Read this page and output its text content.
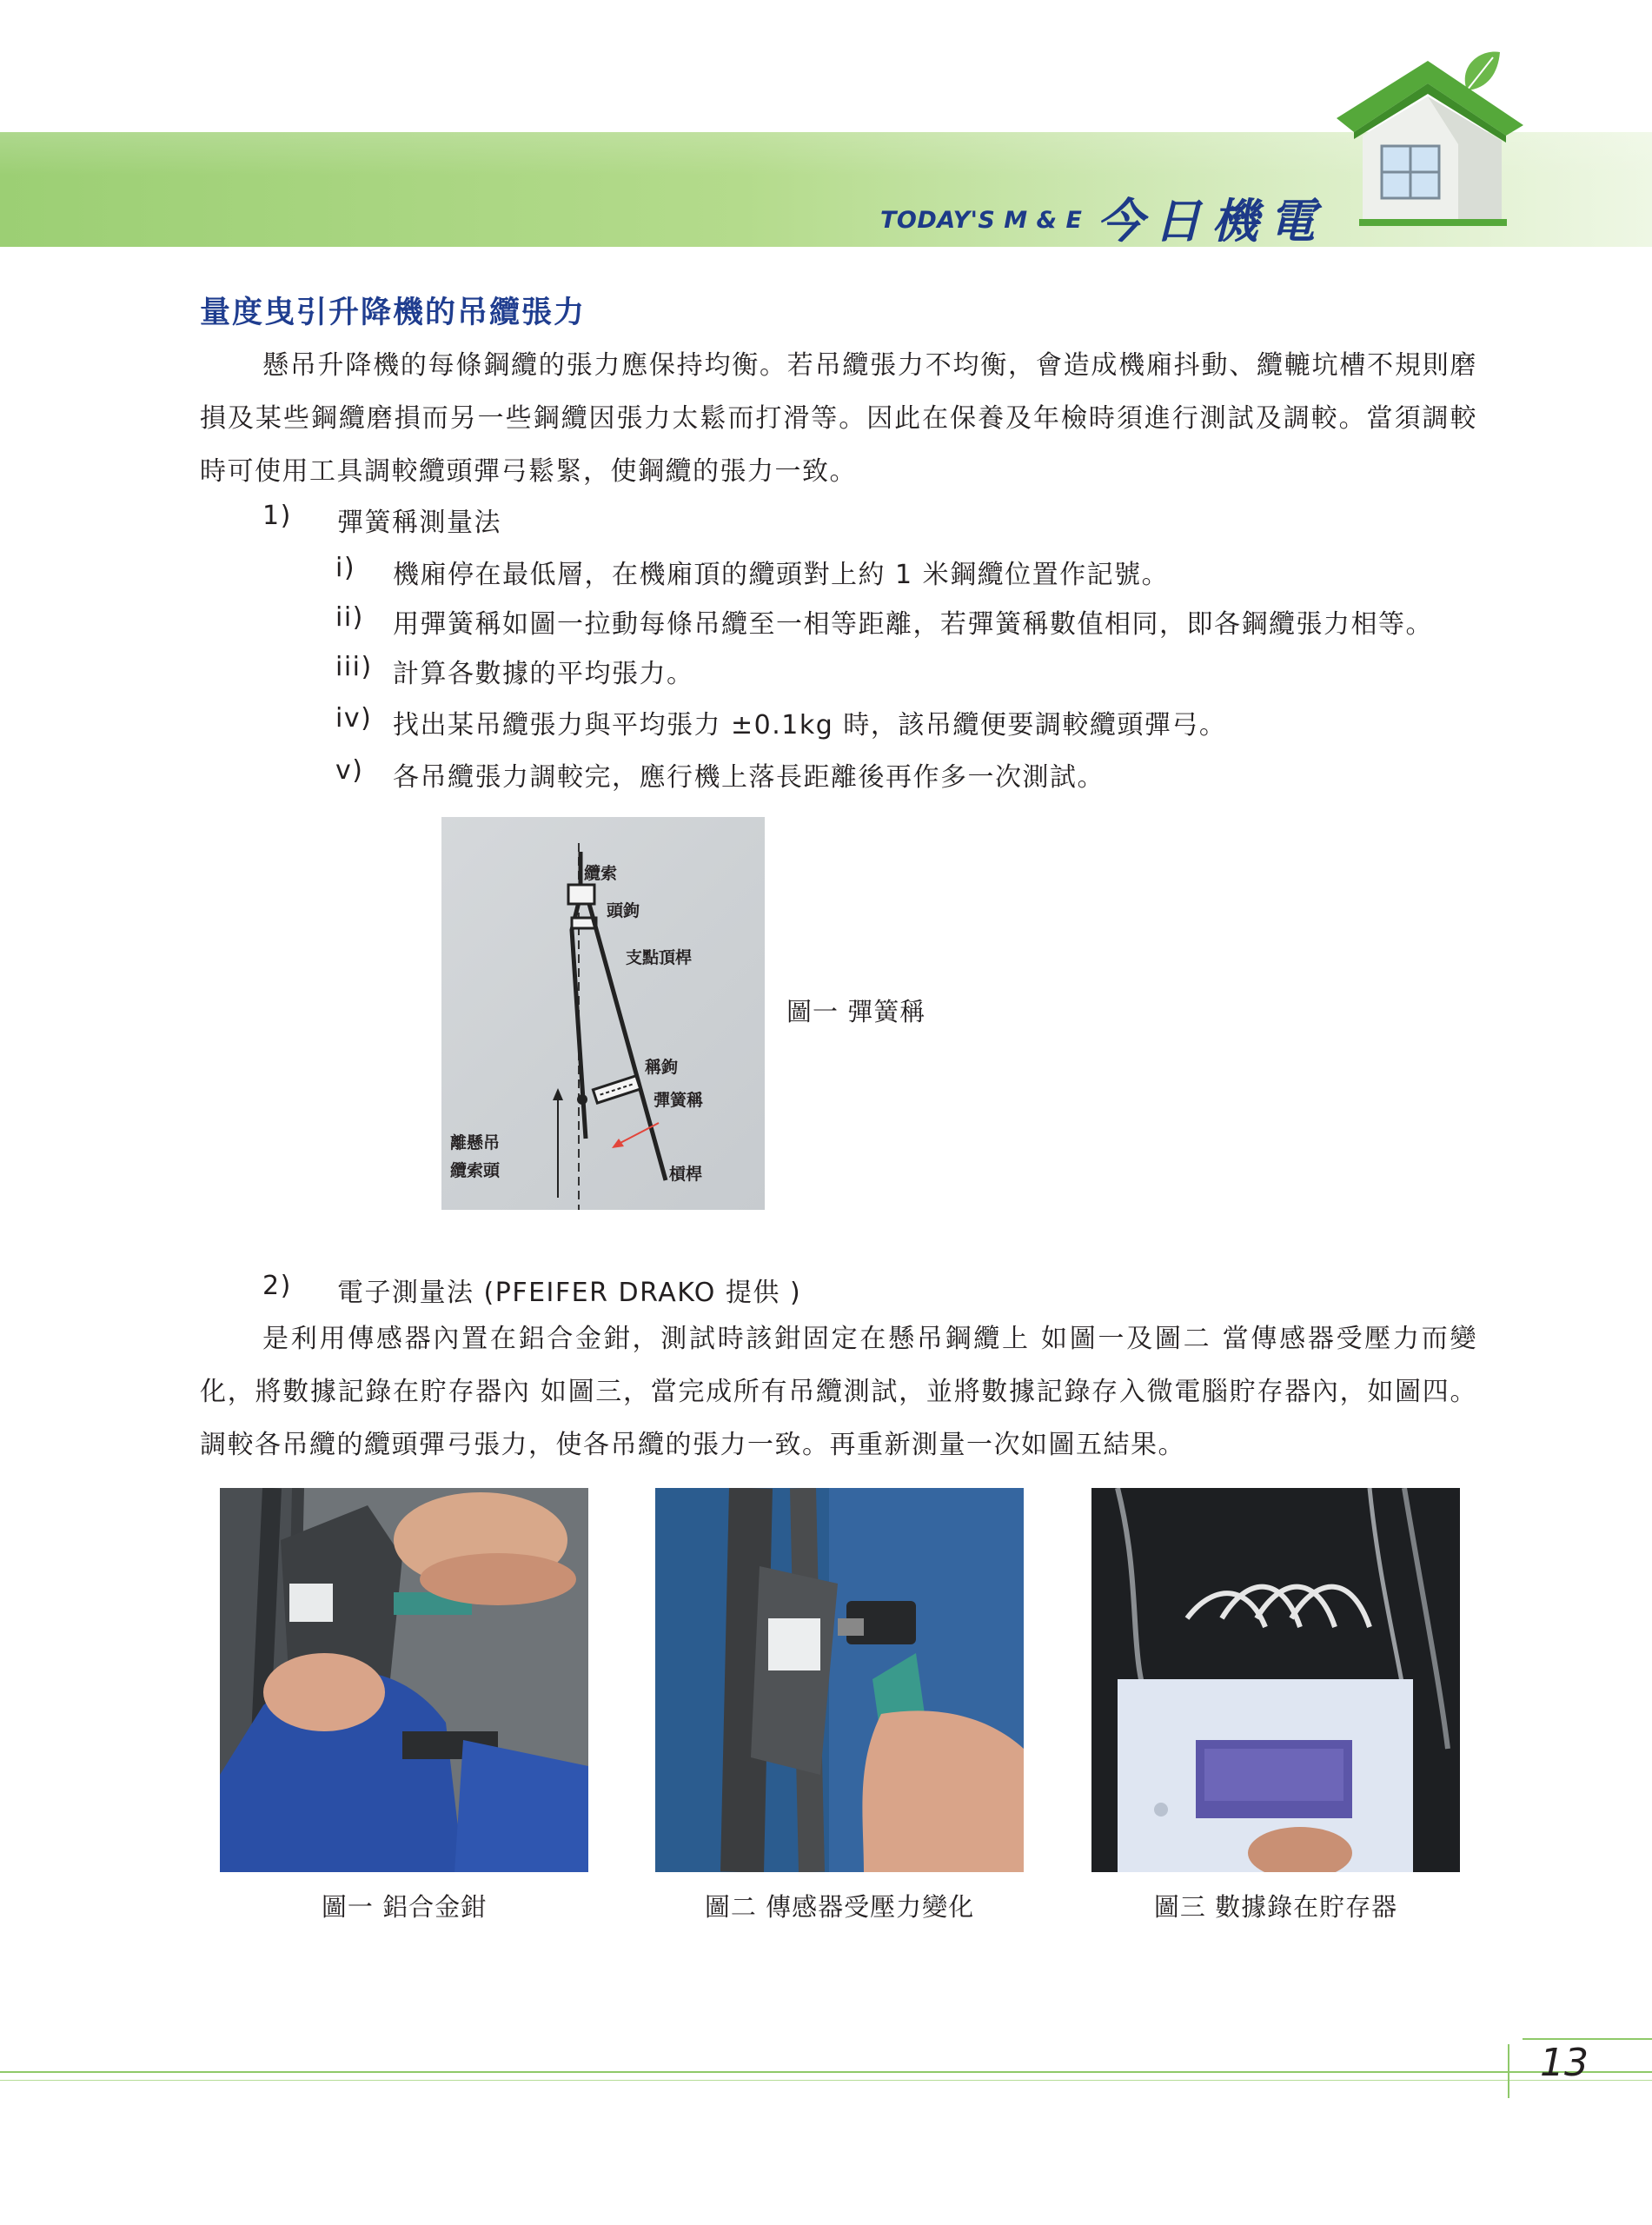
TODAY'S M & E 今日機電
量度曳引升降機的吊纜張力
懸吊升降機的每條鋼纜的張力應保持均衡。若吊纜張力不均衡，會造成機廂抖動、纜轆坑槽不規則磨損及某些鋼纜磨損而另一些鋼纜因張力太鬆而打滑等。因此在保養及年檢時須進行測試及調較。當須調較時可使用工具調較纜頭彈弓鬆緊，使鋼纜的張力一致。
1) 彈簧稱測量法
i) 機廂停在最低層，在機廂頂的纜頭對上約 1 米鋼纜位置作記號。
ii) 用彈簧稱如圖一拉動每條吊纜至一相等距離，若彈簧稱數值相同，即各鋼纜張力相等。
iii) 計算各數據的平均張力。
iv) 找出某吊纜張力與平均張力 ±0.1kg 時，該吊纜便要調較纜頭彈弓。
v) 各吊纜張力調較完，應行機上落長距離後再作多一次測試。
纜索
頭鉤
支點頂桿
稱鉤
彈簧稱
離懸吊
纜索頭	槓桿
圖一 彈簧稱
2) 電子測量法 (PFEIFER DRAKO 提供 )
是利用傳感器內置在鋁合金鉗，測試時該鉗固定在懸吊鋼纜上 如圖一及圖二 當傳感器受壓力而變化，將數據記錄在貯存器內 如圖三，當完成所有吊纜測試，並將數據記錄存入微電腦貯存器內，如圖四。調較各吊纜的纜頭彈弓張力，使各吊纜的張力一致。再重新測量一次如圖五結果。
圖一 鋁合金鉗	圖二 傳感器受壓力變化	圖三 數據錄在貯存器
13
